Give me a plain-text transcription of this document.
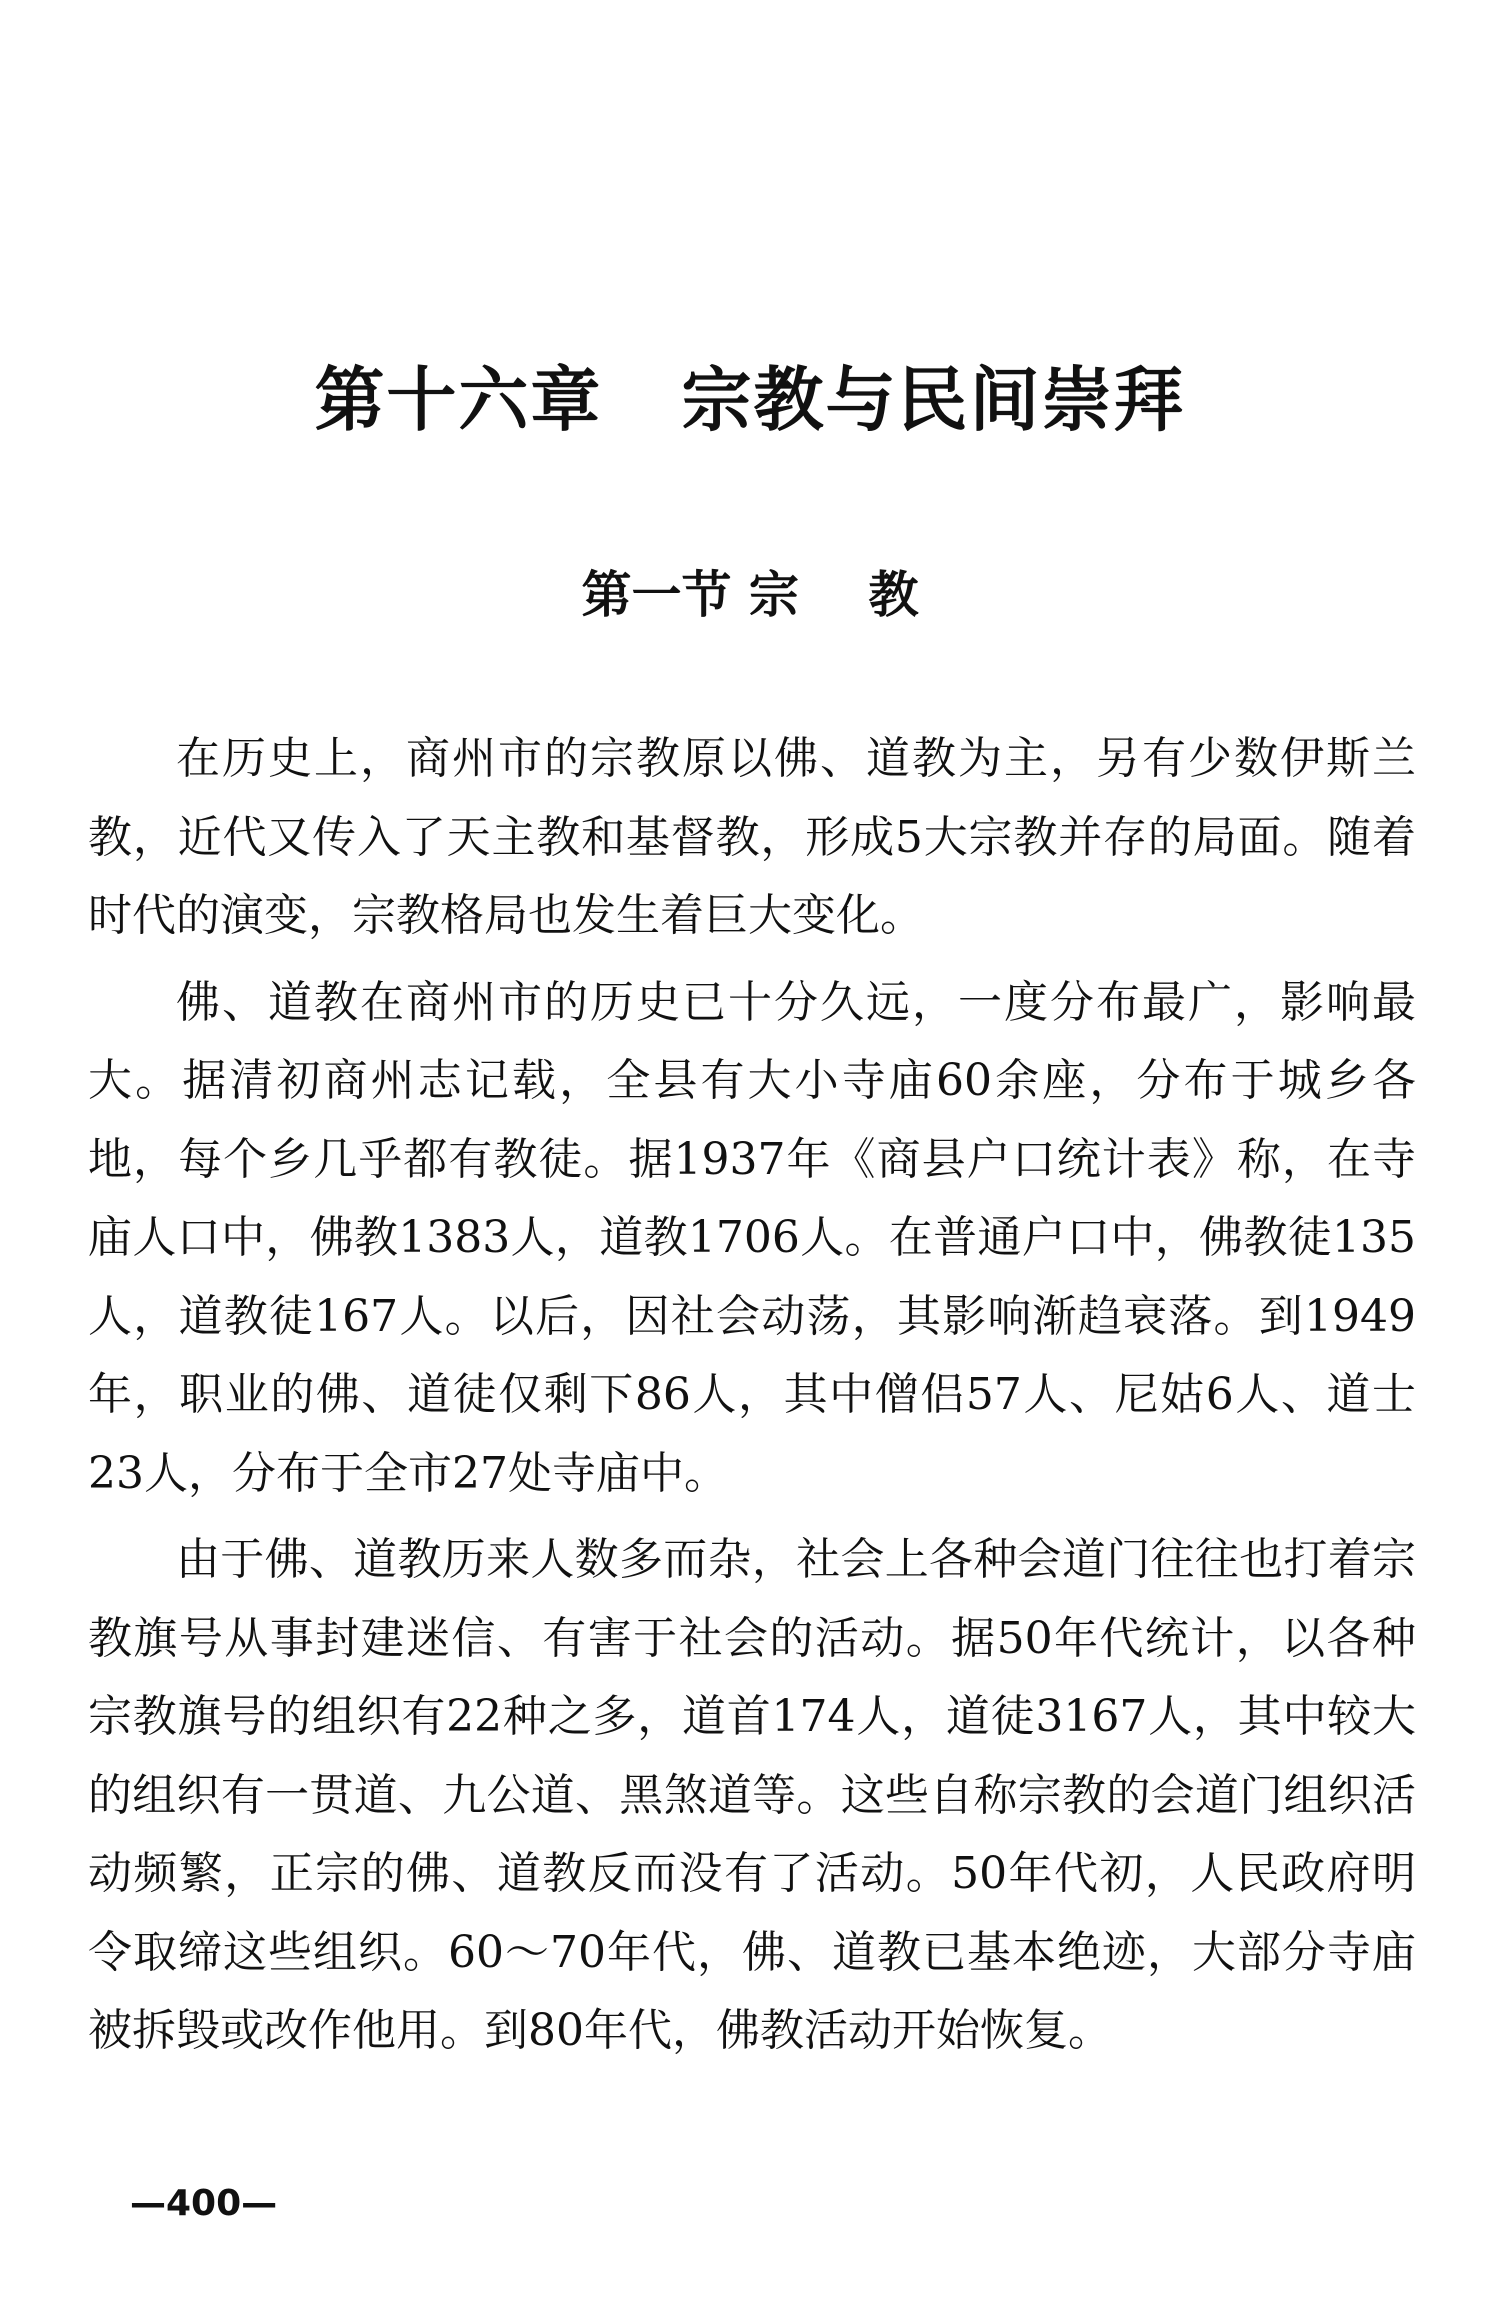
第十六章   宗教与民间崇拜
第一节 宗    教

在历史上，商州市的宗教原以佛、道教为主，另有少数伊斯兰教，近代又传入了天主教和基督教，形成5大宗教并存的局面。随着时代的演变，宗教格局也发生着巨大变化。

佛、道教在商州市的历史已十分久远，一度分布最广，影响最大。据清初商州志记载，全县有大小寺庙60余座，分布于城乡各地，每个乡几乎都有教徒。据1937年《商县户口统计表》称，在寺庙人口中，佛教1383人，道教1706人。在普通户口中，佛教徒135人，道教徒167人。以后，因社会动荡，其影响渐趋衰落。到1949年，职业的佛、道徒仅剩下86人，其中僧侣57人、尼姑6人、道士23人，分布于全市27处寺庙中。

由于佛、道教历来人数多而杂，社会上各种会道门往往也打着宗教旗号从事封建迷信、有害于社会的活动。据50年代统计，以各种宗教旗号的组织有22种之多，道首174人，道徒3167人，其中较大的组织有一贯道、九公道、黑煞道等。这些自称宗教的会道门组织活动频繁，正宗的佛、道教反而没有了活动。50年代初，人民政府明令取缔这些组织。60～70年代，佛、道教已基本绝迹，大部分寺庙被拆毁或改作他用。到80年代，佛教活动开始恢复。

—400—
